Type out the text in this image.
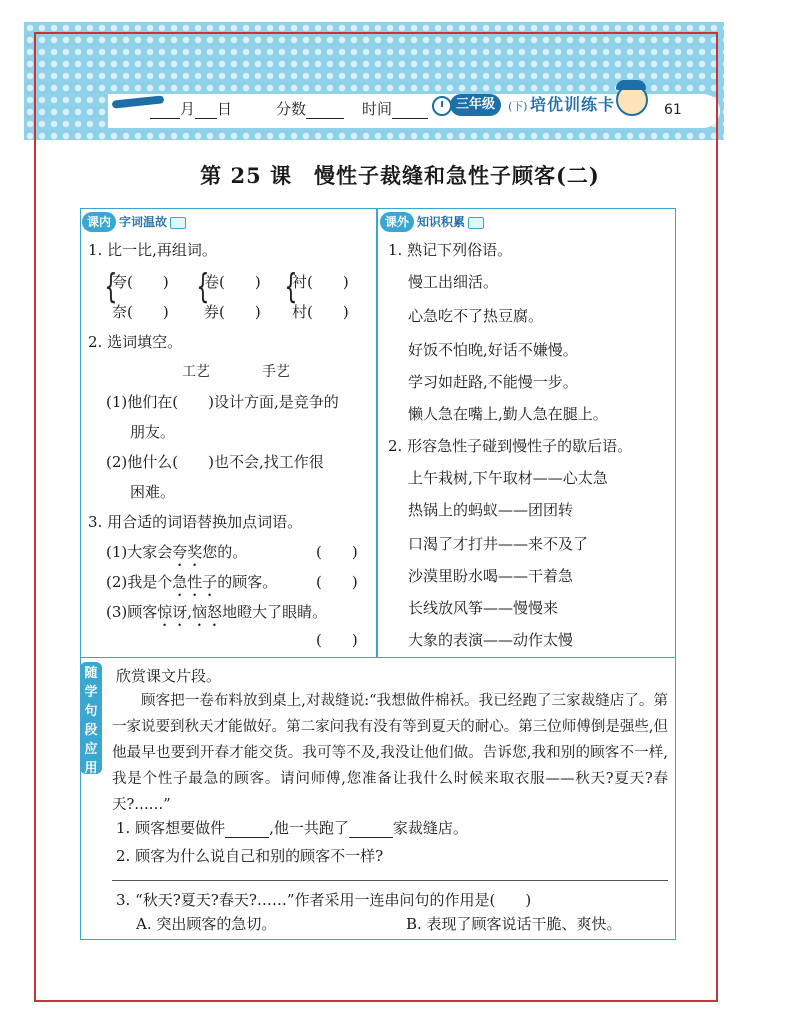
月 日	分数	时间	三年级	(下) 培优训练卡	61
第 25 课　慢性子裁缝和急性子顾客(二)
课内 字词温故
1. 比一比,再组词。
{
夸(　　)
奈(　　)
{
卷(　　)
券(　　)
{
衬(　　)
村(　　)
2. 选词填空。
工艺	手艺
(1)他们在(　　)设计方面,是竞争的
朋友。
(2)他什么(　　)也不会,找工作很
困难。
3. 用合适的词语替换加点词语。
(1)大家会夸奖您的。	(　　)
(2)我是个急性子的顾客。	(　　)
(3)顾客惊讶,恼怒地瞪大了眼睛。
(　　)
课外 知识积累
1. 熟记下列俗语。
慢工出细活。
心急吃不了热豆腐。
好饭不怕晚,好话不嫌慢。
学习如赶路,不能慢一步。
懒人急在嘴上,勤人急在腿上。
2. 形容急性子碰到慢性子的歇后语。
上午栽树,下午取材——心太急
热锅上的蚂蚁——团团转
口渴了才打井——来不及了
沙漠里盼水喝——干着急
长线放风筝——慢慢来
大象的表演——动作太慢
随学句段应用
欣赏课文片段。
顾客把一卷布料放到桌上,对裁缝说:“我想做件棉袄。我已经跑了三家裁缝店了。第一家说要到秋天才能做好。第二家问我有没有等到夏天的耐心。第三位师傅倒是强些,但他最早也要到开春才能交货。我可等不及,我没让他们做。告诉您,我和别的顾客不一样,我是个性子最急的顾客。请问师傅,您准备让我什么时候来取衣服——秋天?夏天?春天?……”
1. 顾客想要做件	,他一共跑了	家裁缝店。
2. 顾客为什么说自己和别的顾客不一样?
3. “秋天?夏天?春天?……”作者采用一连串问句的作用是(　　)
A. 突出顾客的急切。	B. 表现了顾客说话干脆、爽快。
